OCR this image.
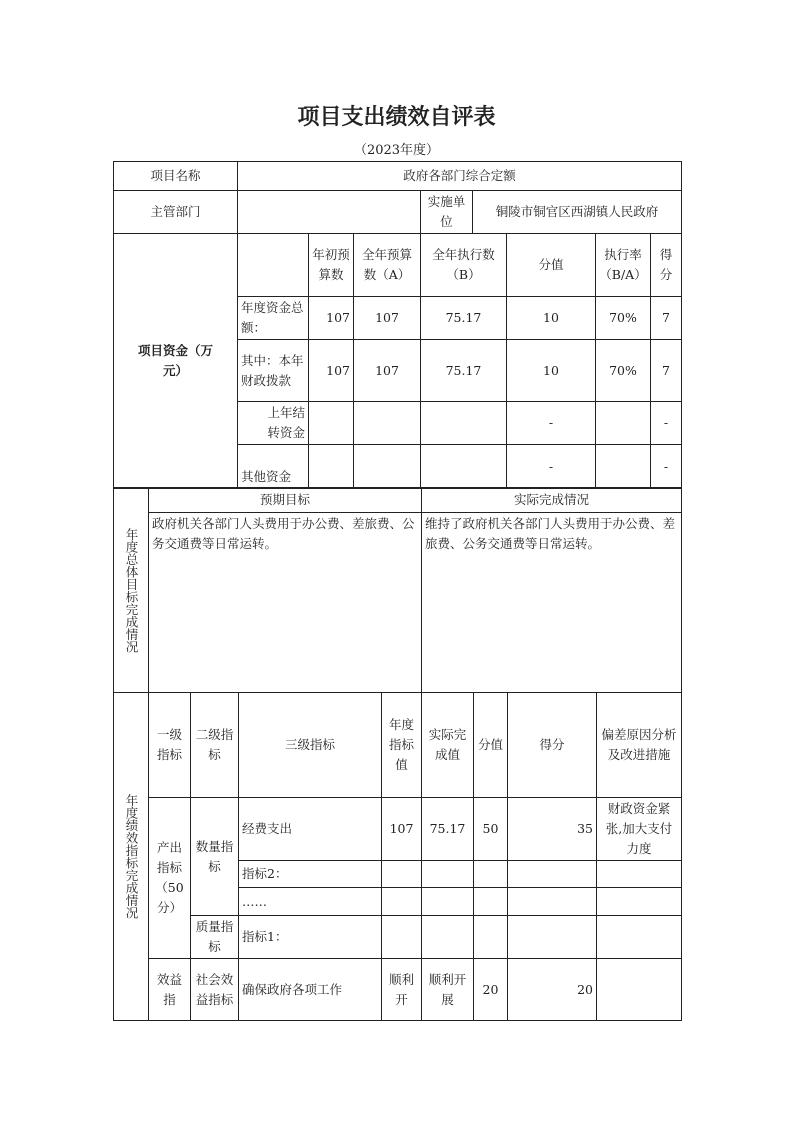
项目支出绩效自评表
（2023年度）
项目名称	政府各部门综合定额							
主管部门				实施单位	铜陵市铜官区西湖镇人民政府			
项目资金（万元）		年初预算数	全年预算数（A）	全年执行数（B）		分值	执行率（B/A）	得分
	年度资金总额：	107	107	75.17		10	70%	7
	其中：本年财政拨款	107	107	75.17		10	70%	7
	上年结转资金					-		-
	其他资金					-		-
年度总体目标完成情况	预期目标	实际完成情况
	政府机关各部门人头费用于办公费、差旅费、公务交通费等日常运转。	维持了政府机关各部门人头费用于办公费、差旅费、公务交通费等日常运转。
年度绩效指标完成情况	一级指标	二级指标	三级指标	年度指标值	实际完成值	分值	得分	偏差原因分析及改进措施
	产出指标（50分）	数量指标	经费支出	107	75.17	50	35	财政资金紧张,加大支付力度
			指标2：					
			……					
		质量指标	指标1：					
	效益指	社会效益指标	确保政府各项工作	顺利开	顺利开展	20	20	
